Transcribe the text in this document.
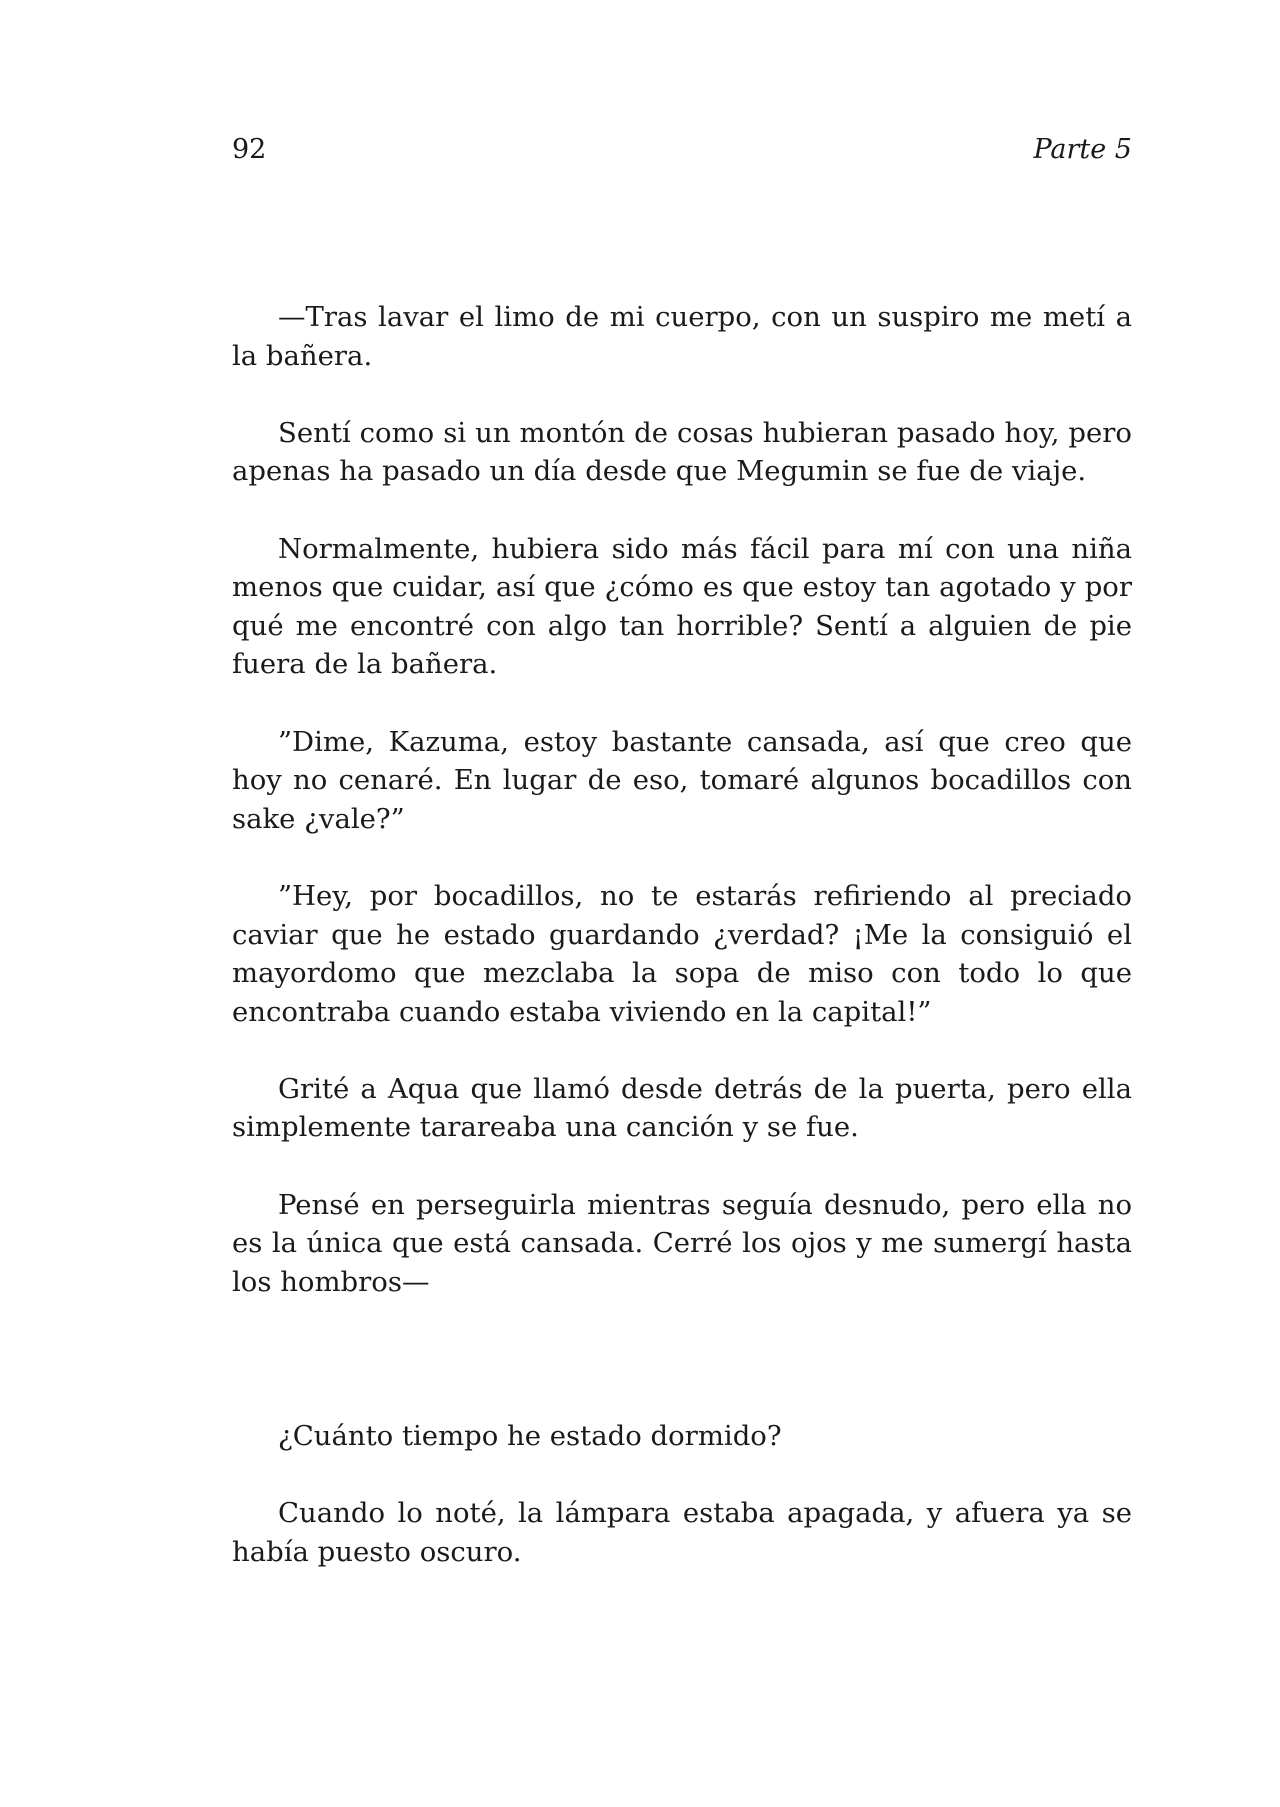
92	Parte 5

—Tras lavar el limo de mi cuerpo, con un suspiro me metí a la bañera.

Sentí como si un montón de cosas hubieran pasado hoy, pero apenas ha pasado un día desde que Megumin se fue de viaje.

Normalmente, hubiera sido más fácil para mí con una niña menos que cuidar, así que ¿cómo es que estoy tan agotado y por qué me encontré con algo tan horrible? Sentí a alguien de pie fuera de la bañera.

”Dime, Kazuma, estoy bastante cansada, así que creo que hoy no cenaré. En lugar de eso, tomaré algunos bocadillos con sake ¿vale?”

”Hey, por bocadillos, no te estarás refiriendo al preciado caviar que he estado guardando ¿verdad? ¡Me la consiguió el mayordomo que mezclaba la sopa de miso con todo lo que encontraba cuando estaba viviendo en la capital!”

Grité a Aqua que llamó desde detrás de la puerta, pero ella simplemente tarareaba una canción y se fue.

Pensé en perseguirla mientras seguía desnudo, pero ella no es la única que está cansada. Cerré los ojos y me sumergí hasta los hombros—

¿Cuánto tiempo he estado dormido?

Cuando lo noté, la lámpara estaba apagada, y afuera ya se había puesto oscuro.
